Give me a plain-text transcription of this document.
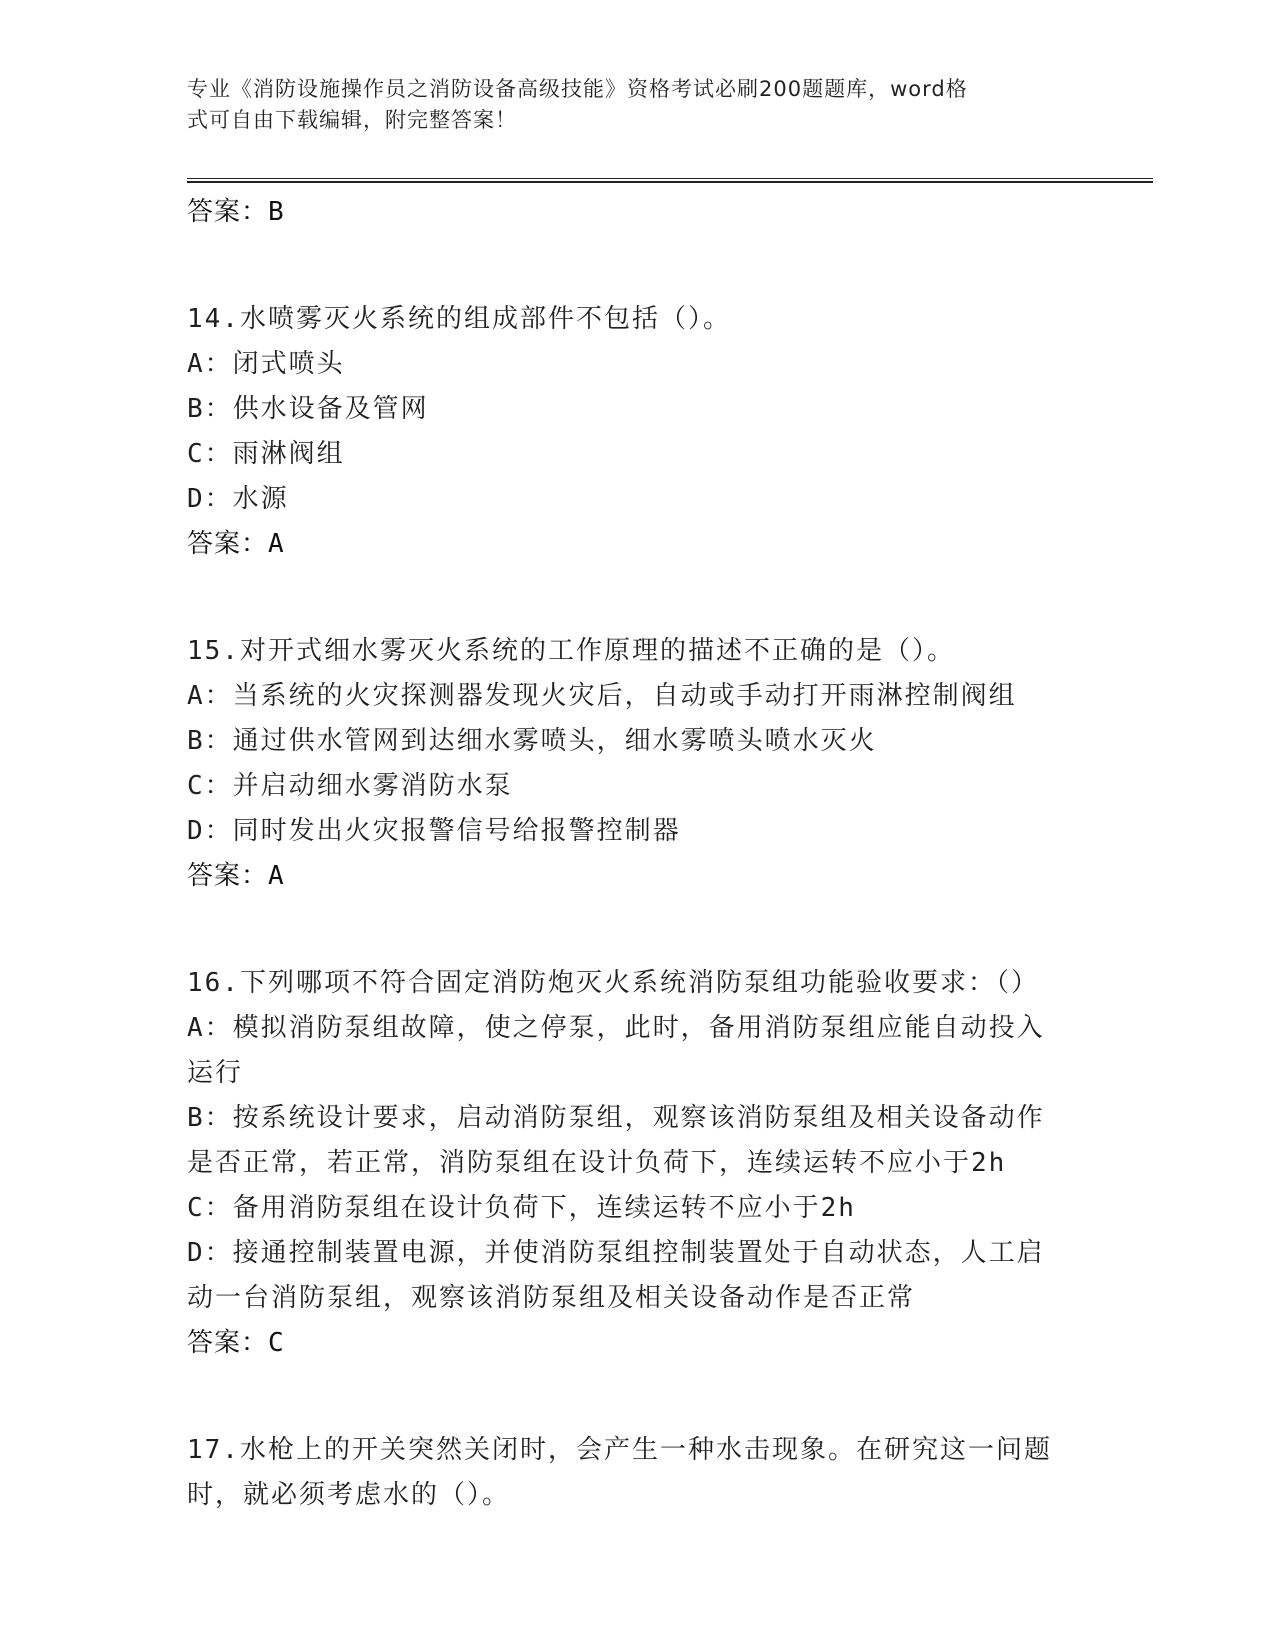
专业《消防设施操作员之消防设备高级技能》资格考试必刷200题题库，word格
式可自由下载编辑，附完整答案！
答案：B
14.水喷雾灭火系统的组成部件不包括（）。
A：闭式喷头
B：供水设备及管网
C：雨淋阀组
D：水源
答案：A
15.对开式细水雾灭火系统的工作原理的描述不正确的是（）。
A：当系统的火灾探测器发现火灾后，自动或手动打开雨淋控制阀组
B：通过供水管网到达细水雾喷头，细水雾喷头喷水灭火
C：并启动细水雾消防水泵
D：同时发出火灾报警信号给报警控制器
答案：A
16.下列哪项不符合固定消防炮灭火系统消防泵组功能验收要求：（）
A：模拟消防泵组故障，使之停泵，此时，备用消防泵组应能自动投入
运行
B：按系统设计要求，启动消防泵组，观察该消防泵组及相关设备动作
是否正常，若正常，消防泵组在设计负荷下，连续运转不应小于2h
C：备用消防泵组在设计负荷下，连续运转不应小于2h
D：接通控制装置电源，并使消防泵组控制装置处于自动状态，人工启
动一台消防泵组，观察该消防泵组及相关设备动作是否正常
答案：C
17.水枪上的开关突然关闭时，会产生一种水击现象。在研究这一问题
时，就必须考虑水的（）。
